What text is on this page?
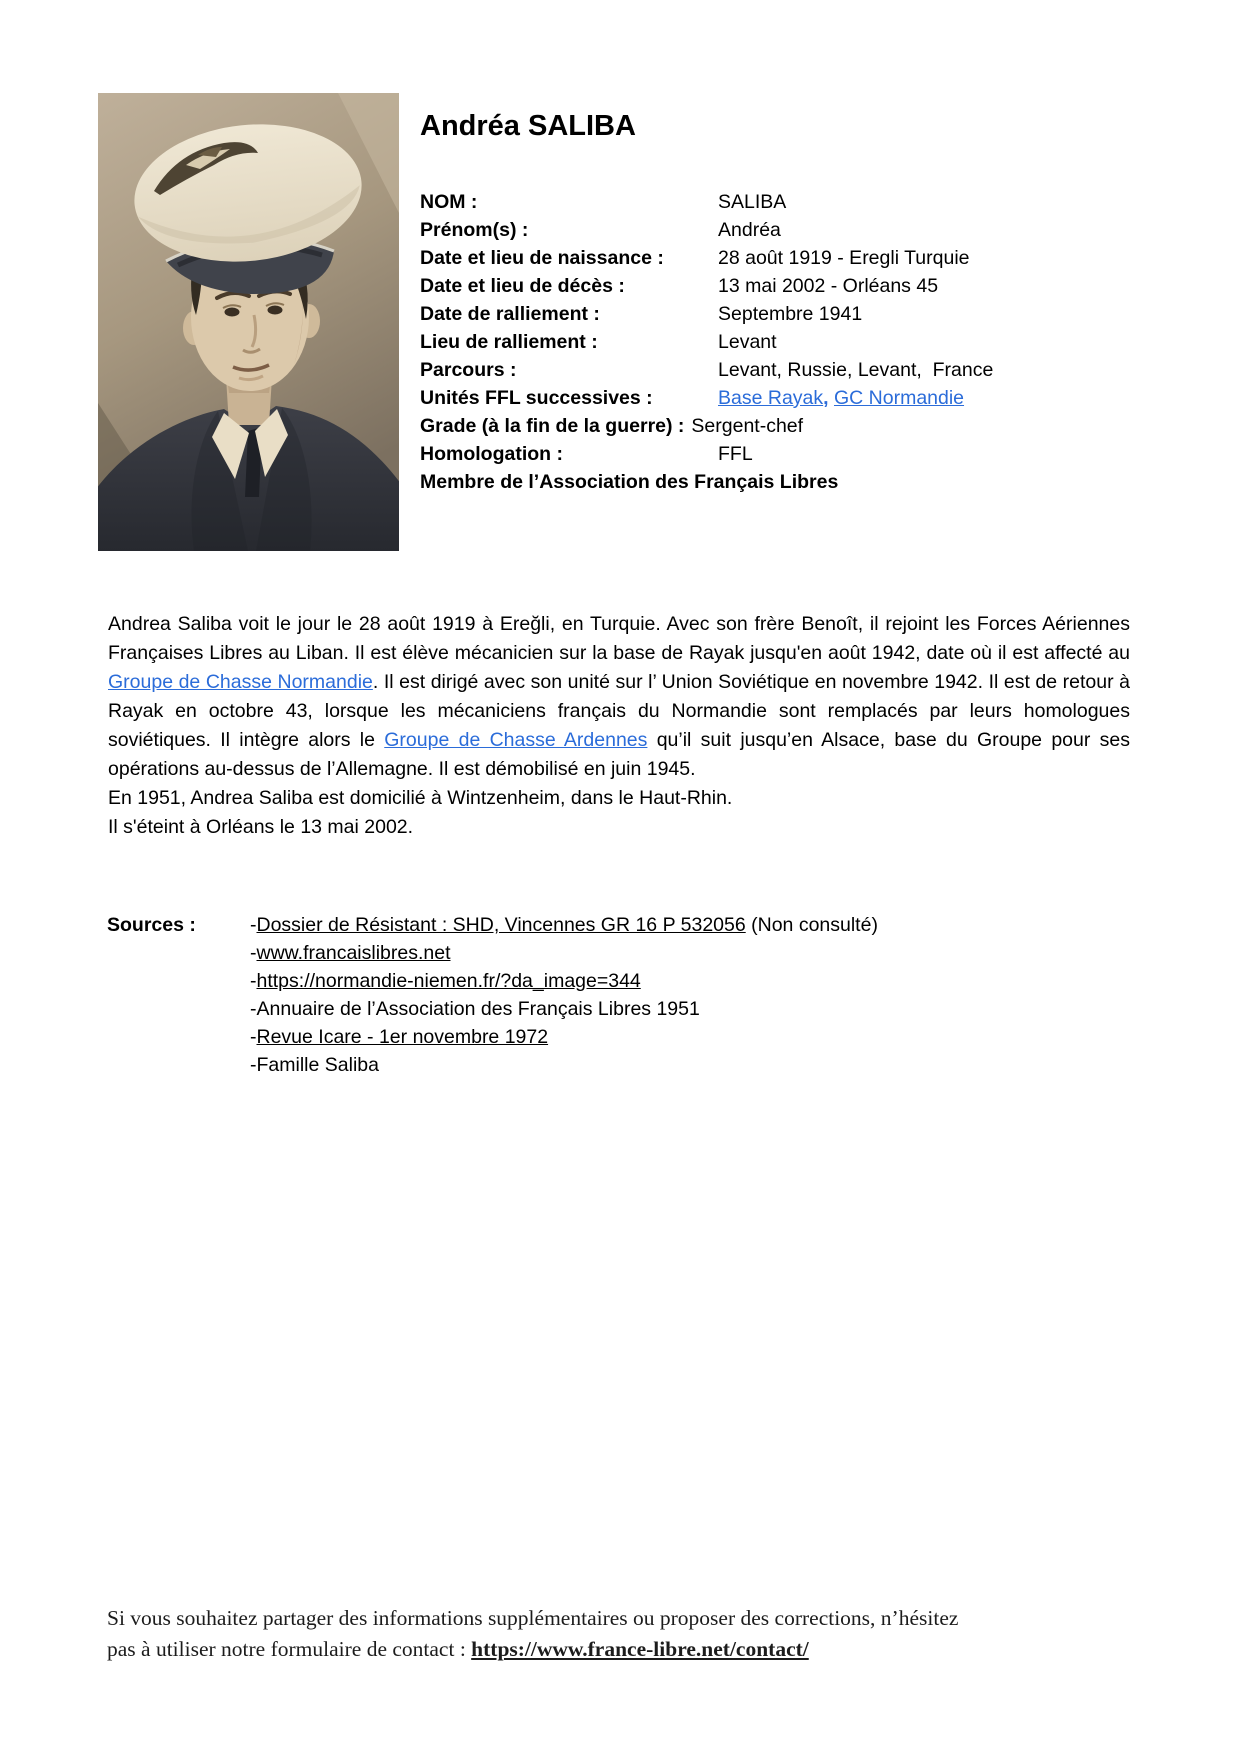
Andréa SALIBA
NOM :	SALIBA
Prénom(s) :	Andréa
Date et lieu de naissance :	28 août 1919 - Eregli Turquie
Date et lieu de décès :	13 mai 2002 - Orléans 45
Date de ralliement :	Septembre 1941
Lieu de ralliement :	Levant
Parcours :	Levant, Russie, Levant,  France
Unités FFL successives :	Base Rayak, GC Normandie
Grade (à la fin de la guerre) : Sergent-chef
Homologation :	FFL
Membre de l’Association des Français Libres

Andrea Saliba voit le jour le 28 août 1919 à Ereğli, en Turquie. Avec son frère Benoît, il rejoint les Forces Aériennes Françaises Libres au Liban. Il est élève mécanicien sur la base de Rayak jusqu'en août 1942, date où il est affecté au Groupe de Chasse Normandie. Il est dirigé avec son unité sur l’ Union Soviétique en novembre 1942. Il est de retour à Rayak en octobre 43, lorsque les mécaniciens français du Normandie sont remplacés par leurs homologues soviétiques. Il intègre alors le Groupe de Chasse Ardennes qu’il suit jusqu’en Alsace, base du Groupe pour ses opérations au-dessus de l’Allemagne. Il est démobilisé en juin 1945.

En 1951, Andrea Saliba est domicilié à Wintzenheim, dans le Haut-Rhin.

Il s'éteint à Orléans le 13 mai 2002.

Sources :	-Dossier de Résistant : SHD, Vincennes GR 16 P 532056 (Non consulté)
-www.francaislibres.net
-https://normandie-niemen.fr/?da_image=344
-Annuaire de l’Association des Français Libres 1951
-Revue Icare - 1er novembre 1972
-Famille Saliba
Si vous souhaitez partager des informations supplémentaires ou proposer des corrections, n’hésitez
pas à utiliser notre formulaire de contact : https://www.france-libre.net/contact/
